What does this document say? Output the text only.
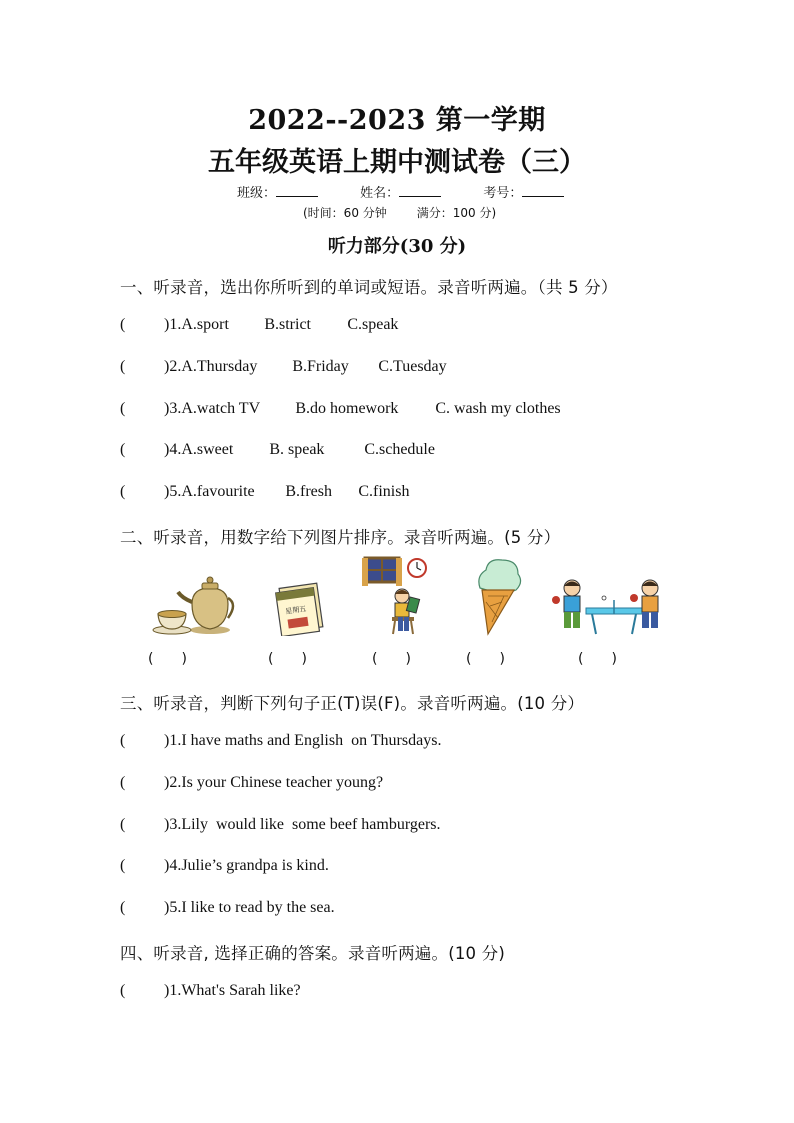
2022--2023 第一学期
五年级英语上期中测试卷（三）
班级：	姓名：	考号：
(时间：60 分钟	满分：100 分)
听力部分(30 分)
一、听录音，选出你所听到的单词或短语。录音听两遍。（共 5 分）
( )1.A.sport B.strict C.speak
( )2.A.Thursday B.Friday C.Tuesday
( )3.A.watch TV B.do homework C. wash my clothes
( )4.A.sweet B. speak C.schedule
( )5.A.favourite B.fresh C.finish
二、听录音，用数字给下列图片排序。录音听两遍。(5 分）
星期五
(　　)	(　　)	(　　)	(　　)	(　　)
三、听录音，判断下列句子正(T)误(F)。录音听两遍。(10 分）
( )1.I have maths and English  on Thursdays.
( )2.Is your Chinese teacher young?
( )3.Lily  would like  some beef hamburgers.
( )4.Julie’s grandpa is kind.
( )5.I like to read by the sea.
四、听录音, 选择正确的答案。录音听两遍。(10 分)
( )1.What's Sarah like?
